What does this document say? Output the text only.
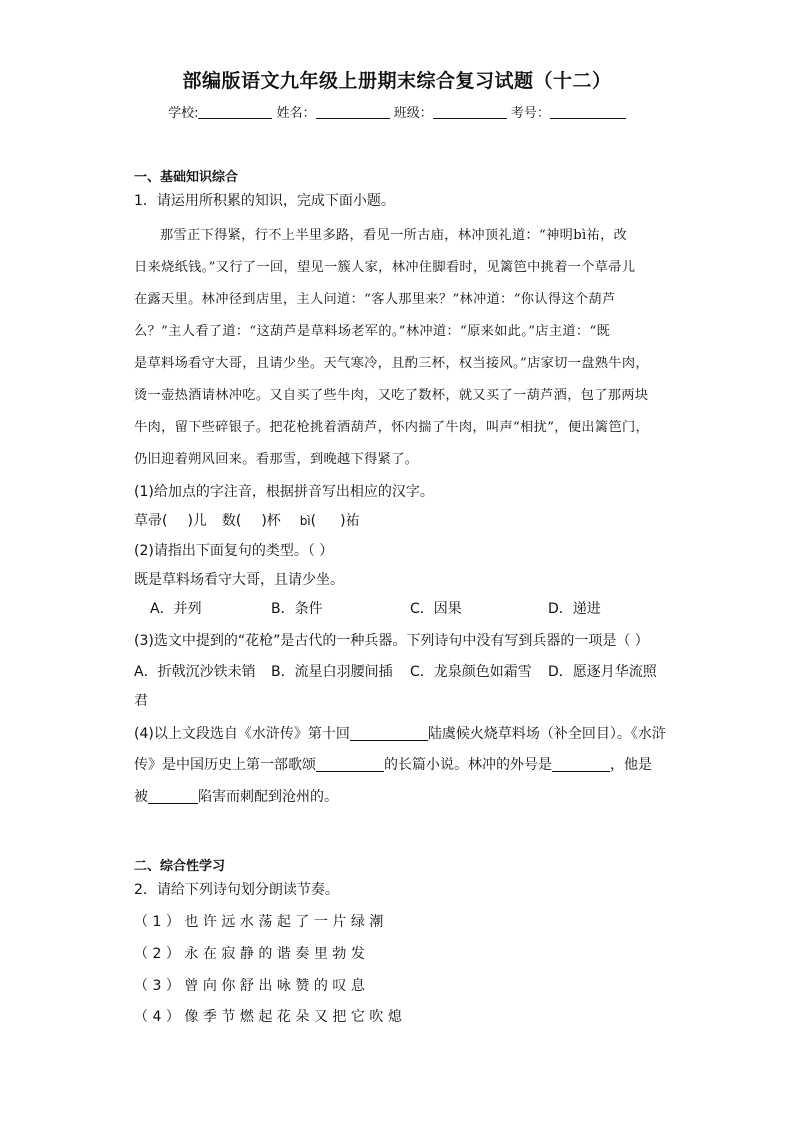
部编版语文九年级上册期末综合复习试题（十二）
学校:	姓名：	班级：	考号：
一、基础知识综合
1．请运用所积累的知识，完成下面小题。
那雪正下得紧，行不上半里多路，看见一所古庙，林冲顶礼道：“神明bì祐，改
日来烧纸钱。”又行了一回，望见一簇人家，林冲住脚看时，见篱笆中挑着一个草帚儿
在露天里。林冲径到店里，主人问道：“客人那里来？”林冲道：“你认得这个葫芦
么？”主人看了道：“这葫芦是草料场老军的。”林冲道：“原来如此。”店主道：“既
是草料场看守大哥，且请少坐。天气寒冷，且酌三杯，权当接风。”店家切一盘熟牛肉，
烫一壶热酒请林冲吃。又自买了些牛肉，又吃了数杯，就又买了一葫芦酒，包了那两块
牛肉，留下些碎银子。把花枪挑着酒葫芦，怀内揣了牛肉，叫声“相扰”，便出篱笆门，
仍旧迎着朔风回来。看那雪，到晚越下得紧了。
(1)给加点的字注音，根据拼音写出相应的汉字。
草帚( )儿 数( )杯 bì( )祐
(2)请指出下面复句的类型。（ ）
既是草料场看守大哥，且请少坐。
A．并列	B．条件	C．因果	D．递进
(3)选文中提到的“花枪”是古代的一种兵器。下列诗句中没有写到兵器的一项是（ ）
A．折戟沉沙铁未销 B．流星白羽腰间插 C．龙泉颜色如霜雪 D．愿逐月华流照
君
(4)以上文段选自《水浒传》第十回	陆虞候火烧草料场（补全回目）。《水浒
传》是中国历史上第一部歌颂	的长篇小说。林冲的外号是	，他是
被	陷害而刺配到沧州的。
二、综合性学习
2．请给下列诗句划分朗读节奏。
（1）也许远水荡起了一片绿潮
（2）永在寂静的谐奏里勃发
（3）曾向你舒出咏赞的叹息
（4）像季节燃起花朵又把它吹熄
